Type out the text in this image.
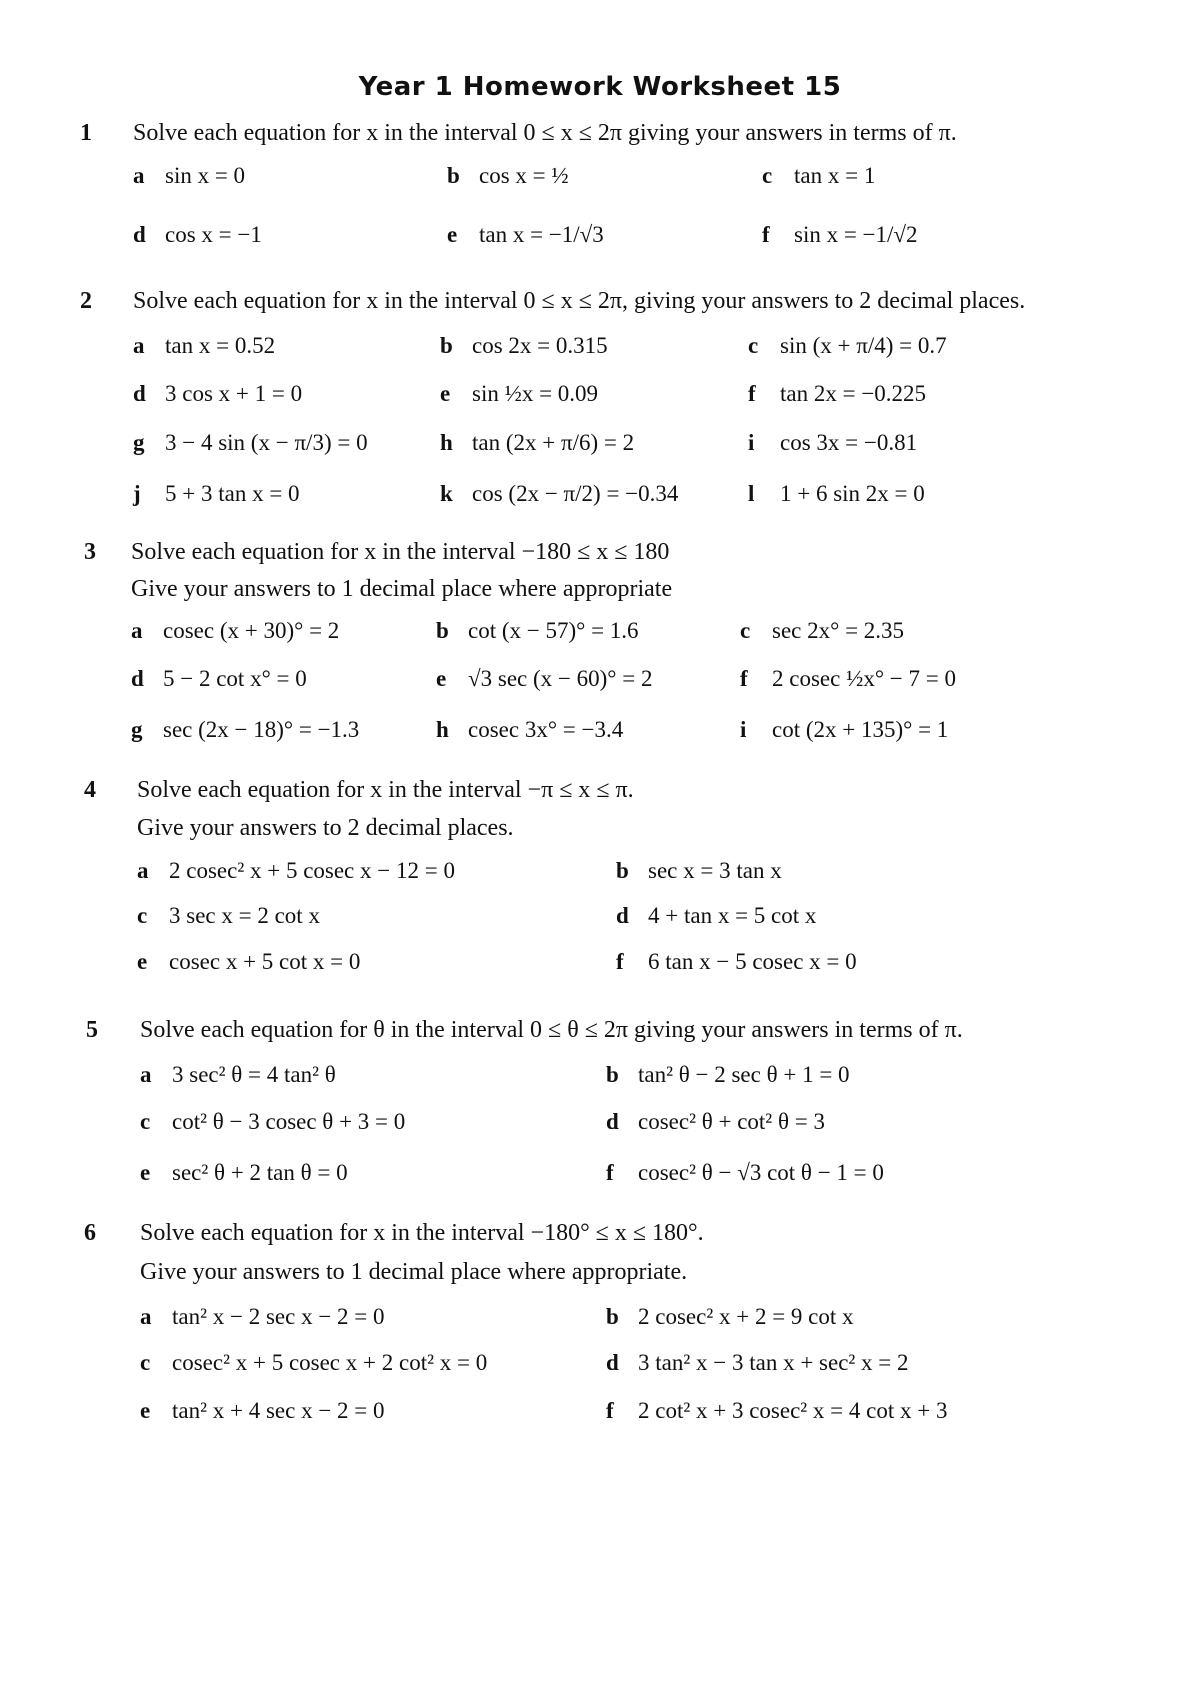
Year 1 Homework Worksheet 15
1 Solve each equation for x in the interval 0 ≤ x ≤ 2π giving your answers in terms of π.
a sin x = 0	b cos x = ½	c tan x = 1
d cos x = −1	e tan x = −1/√3	f sin x = −1/√2
2 Solve each equation for x in the interval 0 ≤ x ≤ 2π, giving your answers to 2 decimal places.
a tan x = 0.52	b cos 2x = 0.315	c sin (x + π/4) = 0.7
d 3 cos x + 1 = 0	e sin ½x = 0.09	f tan 2x = −0.225
g 3 − 4 sin (x − π/3) = 0	h tan (2x + π/6) = 2	i cos 3x = −0.81
j 5 + 3 tan x = 0	k cos (2x − π/2) = −0.34	l 1 + 6 sin 2x = 0
3 Solve each equation for x in the interval −180 ≤ x ≤ 180
Give your answers to 1 decimal place where appropriate
a cosec (x + 30)° = 2	b cot (x − 57)° = 1.6	c sec 2x° = 2.35
d 5 − 2 cot x° = 0	e √3 sec (x − 60)° = 2	f 2 cosec ½x° − 7 = 0
g sec (2x − 18)° = −1.3	h cosec 3x° = −3.4	i cot (2x + 135)° = 1
4 Solve each equation for x in the interval −π ≤ x ≤ π.
Give your answers to 2 decimal places.
a 2 cosec² x + 5 cosec x − 12 = 0	b sec x = 3 tan x
c 3 sec x = 2 cot x	d 4 + tan x = 5 cot x
e cosec x + 5 cot x = 0	f 6 tan x − 5 cosec x = 0
5 Solve each equation for θ in the interval 0 ≤ θ ≤ 2π giving your answers in terms of π.
a 3 sec² θ = 4 tan² θ	b tan² θ − 2 sec θ + 1 = 0
c cot² θ − 3 cosec θ + 3 = 0	d cosec² θ + cot² θ = 3
e sec² θ + 2 tan θ = 0	f cosec² θ − √3 cot θ − 1 = 0
6 Solve each equation for x in the interval −180° ≤ x ≤ 180°.
Give your answers to 1 decimal place where appropriate.
a tan² x − 2 sec x − 2 = 0	b 2 cosec² x + 2 = 9 cot x
c cosec² x + 5 cosec x + 2 cot² x = 0	d 3 tan² x − 3 tan x + sec² x = 2
e tan² x + 4 sec x − 2 = 0	f 2 cot² x + 3 cosec² x = 4 cot x + 3
